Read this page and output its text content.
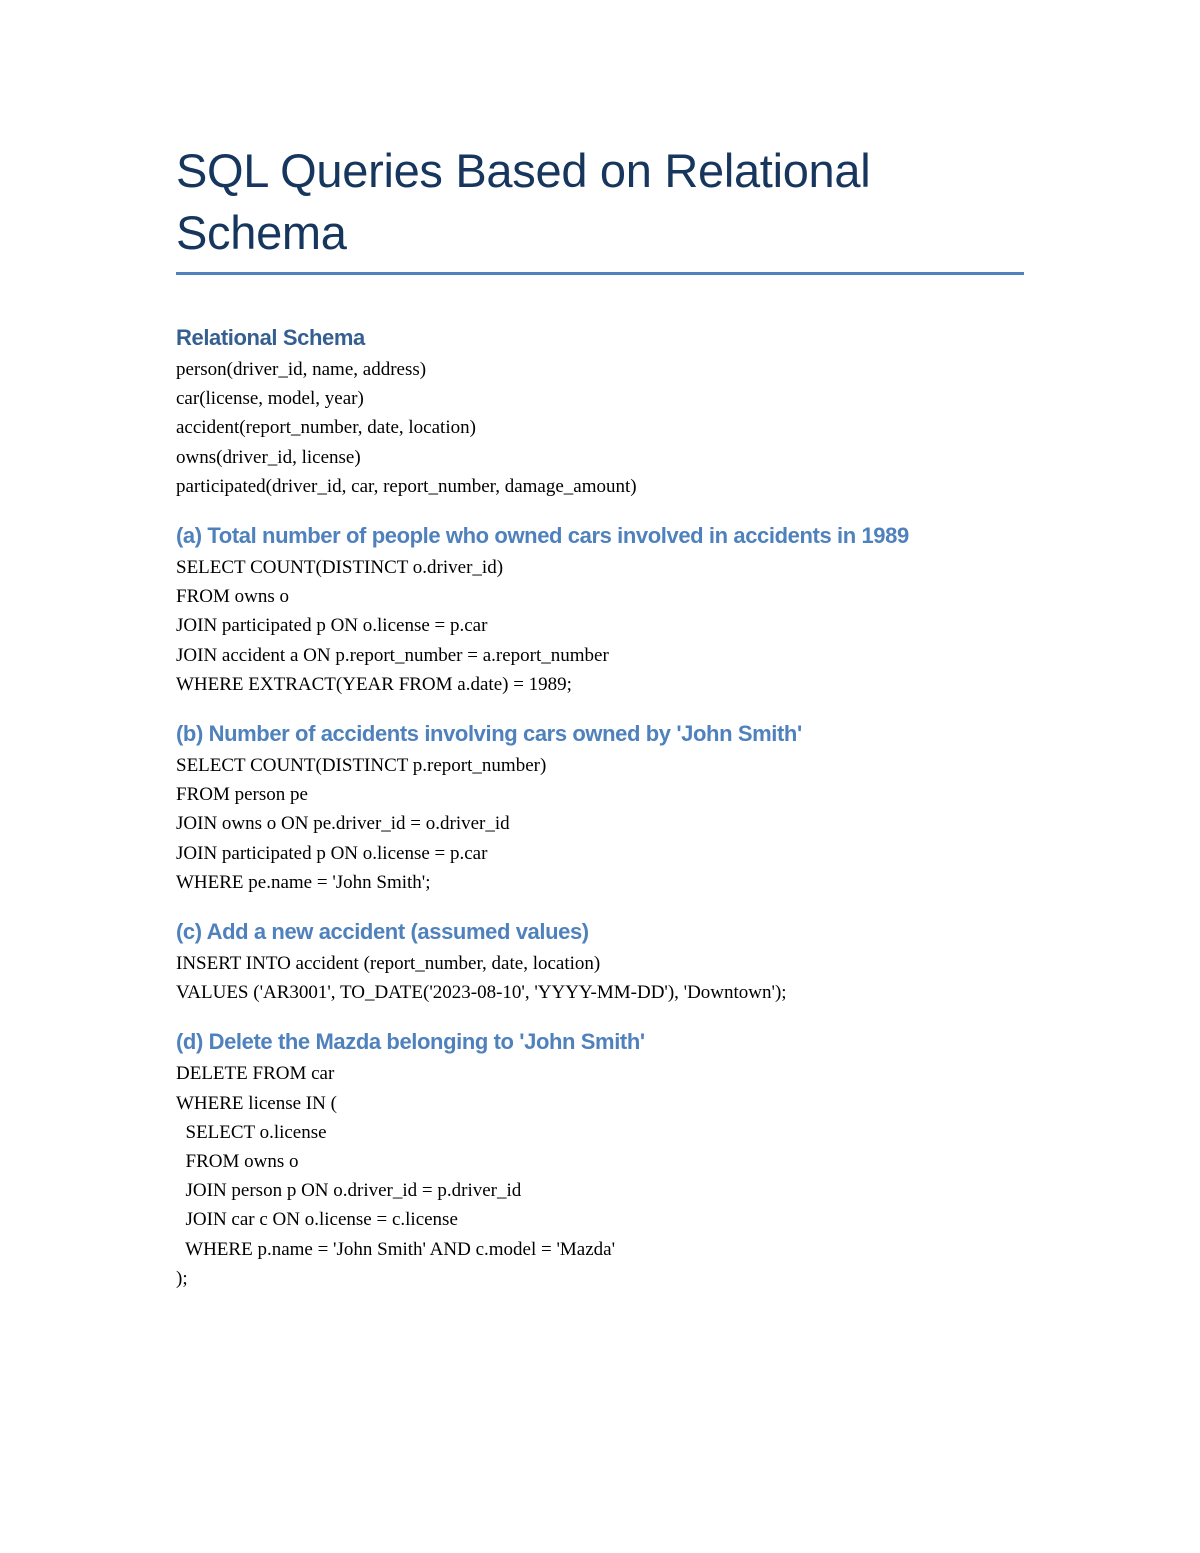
SQL Queries Based on Relational Schema
Relational Schema
person(driver_id, name, address)
car(license, model, year)
accident(report_number, date, location)
owns(driver_id, license)
participated(driver_id, car, report_number, damage_amount)
(a) Total number of people who owned cars involved in accidents in 1989
SELECT COUNT(DISTINCT o.driver_id)
FROM owns o
JOIN participated p ON o.license = p.car
JOIN accident a ON p.report_number = a.report_number
WHERE EXTRACT(YEAR FROM a.date) = 1989;
(b) Number of accidents involving cars owned by 'John Smith'
SELECT COUNT(DISTINCT p.report_number)
FROM person pe
JOIN owns o ON pe.driver_id = o.driver_id
JOIN participated p ON o.license = p.car
WHERE pe.name = 'John Smith';
(c) Add a new accident (assumed values)
INSERT INTO accident (report_number, date, location)
VALUES ('AR3001', TO_DATE('2023-08-10', 'YYYY-MM-DD'), 'Downtown');
(d) Delete the Mazda belonging to 'John Smith'
DELETE FROM car
WHERE license IN (
SELECT o.license
FROM owns o
JOIN person p ON o.driver_id = p.driver_id
JOIN car c ON o.license = c.license
WHERE p.name = 'John Smith' AND c.model = 'Mazda'
);
